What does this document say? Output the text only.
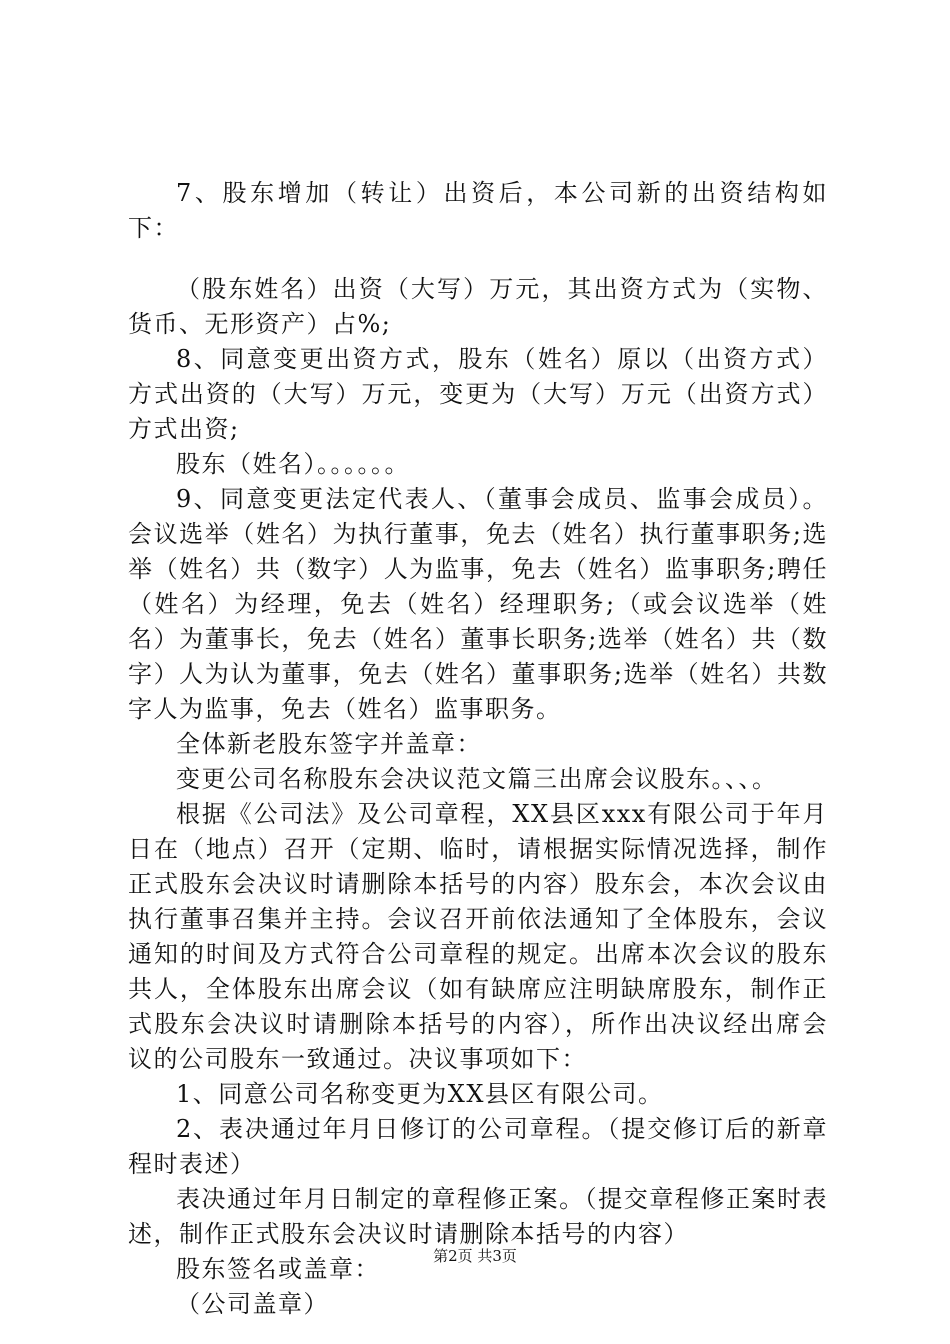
7、股东增加（转让）出资后，本公司新的出资结构如下：

（股东姓名）出资（大写）万元，其出资方式为（实物、货币、无形资产）占%;

8、同意变更出资方式，股东（姓名）原以（出资方式）方式出资的（大写）万元，变更为（大写）万元（出资方式）方式出资;

股东（姓名）。。。。。。

9、同意变更法定代表人、（董事会成员、监事会成员）。会议选举（姓名）为执行董事，免去（姓名）执行董事职务;选举（姓名）共（数字）人为监事，免去（姓名）监事职务;聘任（姓名）为经理，免去（姓名）经理职务;（或会议选举（姓名）为董事长，免去（姓名）董事长职务;选举（姓名）共（数字）人为认为董事，免去（姓名）董事职务;选举（姓名）共数字人为监事，免去（姓名）监事职务。

全体新老股东签字并盖章：

变更公司名称股东会决议范文篇三出席会议股东。、、。

根据《公司法》及公司章程，XX县区xxx有限公司于年月日在（地点）召开（定期、临时，请根据实际情况选择，制作正式股东会决议时请删除本括号的内容）股东会，本次会议由执行董事召集并主持。会议召开前依法通知了全体股东，会议通知的时间及方式符合公司章程的规定。出席本次会议的股东共人，全体股东出席会议（如有缺席应注明缺席股东，制作正式股东会决议时请删除本括号的内容），所作出决议经出席会议的公司股东一致通过。决议事项如下：

1、同意公司名称变更为XX县区有限公司。

2、表决通过年月日修订的公司章程。（提交修订后的新章程时表述）

表决通过年月日制定的章程修正案。（提交章程修正案时表述，制作正式股东会决议时请删除本括号的内容）

股东签名或盖章：

（公司盖章）

第2页 共3页
